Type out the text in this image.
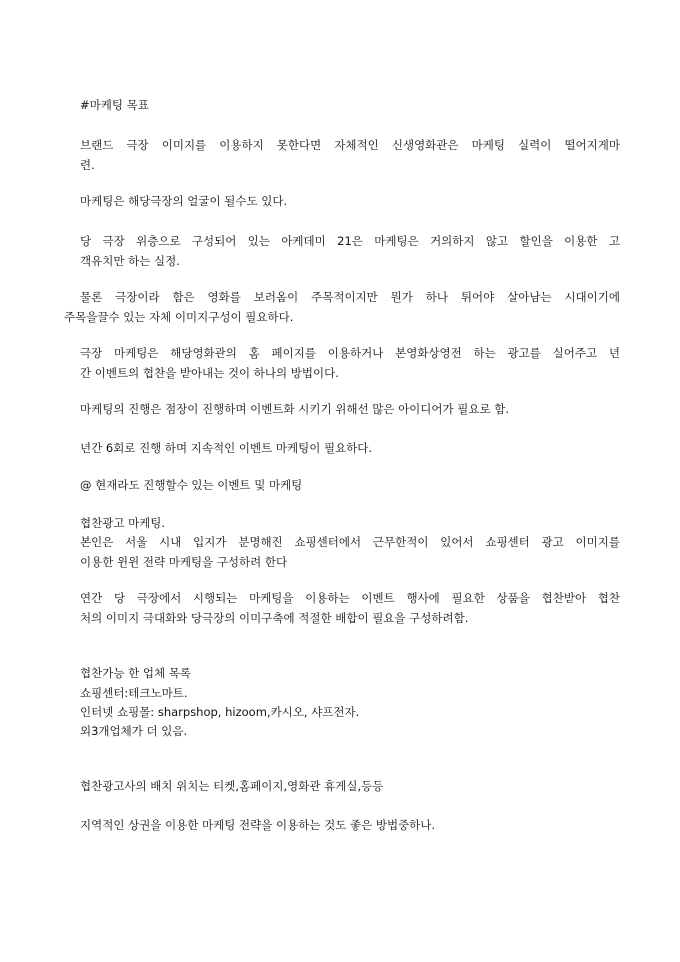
#마케팅 목표
브랜드 극장 이미지를 이용하지 못한다면 자체적인 신생영화관은 마케팅 실력이 떨어지게마
련.
마케팅은 해당극장의 얼굴이 될수도 있다.
당 극장 위층으로 구성되어 있는 아케데미 21은 마케팅은 거의하지 않고 할인을 이용한 고
객유치만 하는 실정.
물론 극장이라 함은 영화를 보러옴이 주목적이지만 뭔가 하나 튀어야 살아남는 시대이기에
주목을끌수 있는 자체 이미지구성이 필요하다.
극장 마케팅은 해당영화관의 홈 페이지를 이용하거나 본영화상영전 하는 광고를 실어주고 년
간 이벤트의 협찬을 받아내는 것이 하나의 방법이다.
마케팅의 진행은 점장이 진행하며 이벤트화 시키기 위해선 많은 아이디어가 필요로 함.
년간 6회로 진행 하며 지속적인 이벤트 마케팅이 필요하다.
@ 현재라도 진행할수 있는 이벤트 및 마케팅
협찬광고 마케팅.
본인은 서울 시내 입지가 분명해진 쇼핑센터에서 근무한적이 있어서 쇼핑센터 광고 이미지를
이용한 윈윈 전략 마케팅을 구성하려 한다
연간 당 극장에서 시행되는 마케팅을 이용하는 이벤트 행사에 필요한 상품을 협찬받아 협찬
처의 이미지 극대화와 당극장의 이미구축에 적절한 배합이 필요을 구성하려함.
협찬가능 한 업체 목록
쇼핑센터:테크노마트.
인터넷 쇼핑몰: sharpshop, hizoom,카시오, 샤프전자.
외3개업체가 더 있음.
협찬광고사의 배치 위치는 티켓,홈페이지,영화관 휴게실,등등
지역적인 상권을 이용한 마케팅 전략을 이용하는 것도 좋은 방법중하나.
